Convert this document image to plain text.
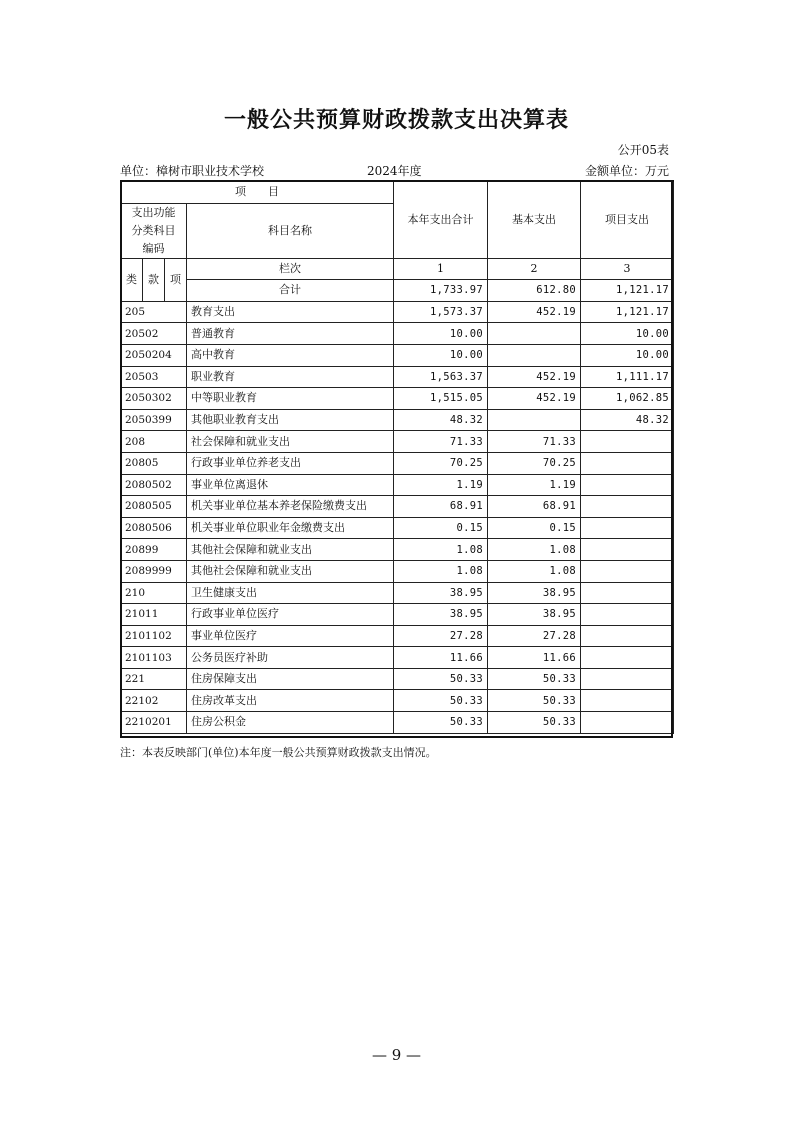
一般公共预算财政拨款支出决算表
公开05表
单位：樟树市职业技术学校	2024年度	金额单位：万元
项　　目				本年支出合计	基本支出	项目支出
支出功能分类科目编码			科目名称			

类	款	项	栏次	1	2	3
			合计	1,733.97	612.80	1,121.17
205			教育支出	1,573.37	452.19	1,121.17
20502			普通教育	10.00		10.00
2050204			高中教育	10.00		10.00
20503			职业教育	1,563.37	452.19	1,111.17
2050302			中等职业教育	1,515.05	452.19	1,062.85
2050399			其他职业教育支出	48.32		48.32
208			社会保障和就业支出	71.33	71.33	
20805			行政事业单位养老支出	70.25	70.25	
2080502			事业单位离退休	1.19	1.19	
2080505			机关事业单位基本养老保险缴费支出	68.91	68.91	
2080506			机关事业单位职业年金缴费支出	0.15	0.15	
20899			其他社会保障和就业支出	1.08	1.08	
2089999			其他社会保障和就业支出	1.08	1.08	
210			卫生健康支出	38.95	38.95	
21011			行政事业单位医疗	38.95	38.95	
2101102			事业单位医疗	27.28	27.28	
2101103			公务员医疗补助	11.66	11.66	
221			住房保障支出	50.33	50.33	
22102			住房改革支出	50.33	50.33	
2210201			住房公积金	50.33	50.33	
注：本表反映部门(单位)本年度一般公共预算财政拨款支出情况。
— 9 —
